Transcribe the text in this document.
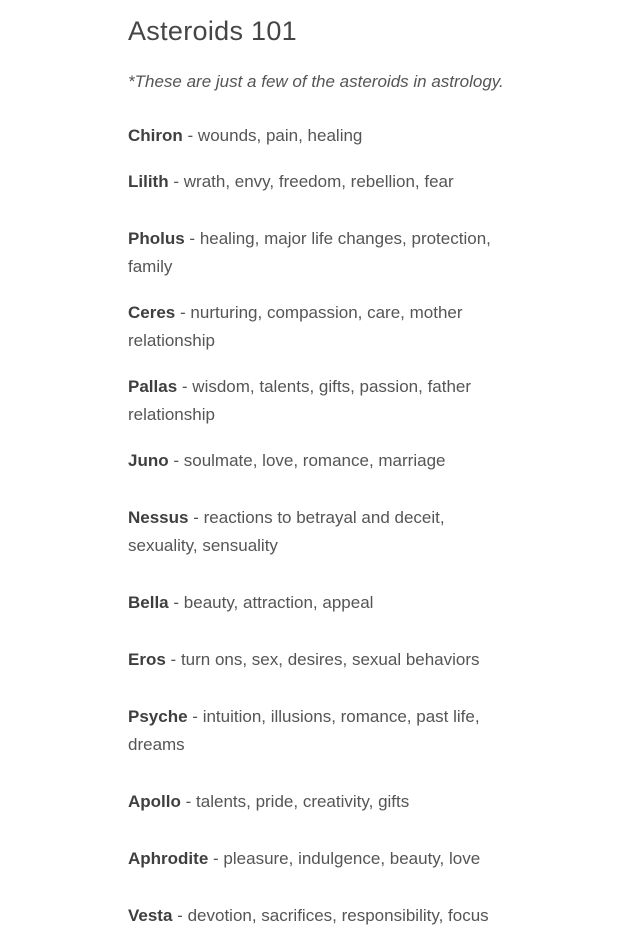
Asteroids 101

*These are just a few of the asteroids in astrology.

Chiron - wounds, pain, healing

Lilith - wrath, envy, freedom, rebellion, fear

Pholus - healing, major life changes, protection, family

Ceres - nurturing, compassion, care, mother relationship

Pallas - wisdom, talents, gifts, passion, father relationship

Juno - soulmate, love, romance, marriage

Nessus - reactions to betrayal and deceit, sexuality, sensuality

Bella - beauty, attraction, appeal

Eros - turn ons, sex, desires, sexual behaviors

Psyche - intuition, illusions, romance, past life, dreams

Apollo - talents, pride, creativity, gifts

Aphrodite - pleasure, indulgence, beauty, love

Vesta - devotion, sacrifices, responsibility, focus
